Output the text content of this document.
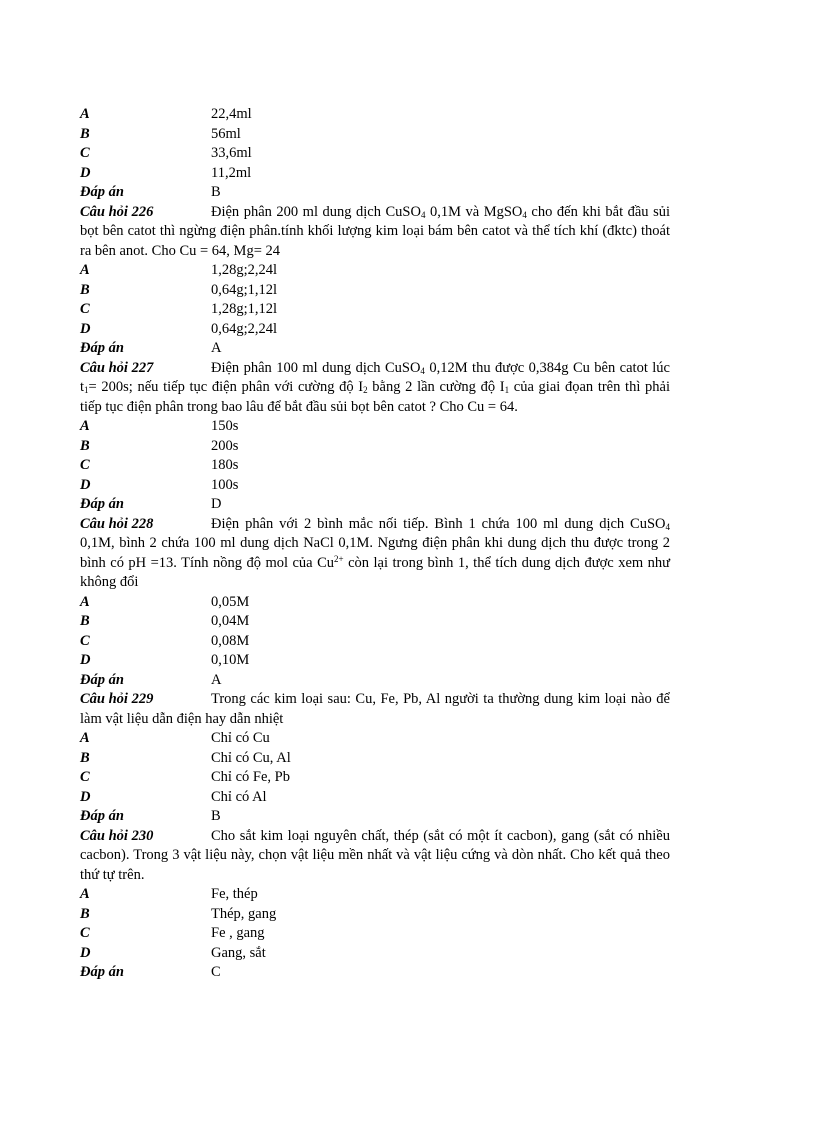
A	22,4ml
B	56ml
C	33,6ml
D	11,2ml
Đáp án	B

Câu hỏi 226	Điện phân 200 ml dung dịch CuSO$_4$ 0,1M và MgSO$_4$ cho đến khi bắt đầu sủi bọt bên catot thì ngừng điện phân.tính khối lượng kim loại bám bên catot và thể tích khí (đktc) thoát ra bên anot. Cho Cu = 64, Mg= 24

A	1,28g;2,24l
B	0,64g;1,12l
C	1,28g;1,12l
D	0,64g;2,24l
Đáp án	A

Câu hỏi 227	Điện phân 100 ml dung dịch CuSO$_4$ 0,12M thu được 0,384g Cu bên catot lúc $t_1= 200s$; nếu tiếp tục điện phân với cường độ $I_2$ bằng 2 lần cường độ $I_1$ của giai đọan trên thì phải tiếp tục điện phân trong bao lâu để bắt đầu sủi bọt bên catot ? Cho Cu = 64.

A	150s
B	200s
C	180s
D	100s
Đáp án	D

Câu hỏi 228	Điện phân với 2 bình mắc nối tiếp. Bình 1 chứa 100 ml dung dịch CuSO$_4$ 0,1M, bình 2 chứa 100 ml dung dịch NaCl 0,1M. Ngưng điện phân khi dung dịch thu được trong 2 bình có pH =13. Tính nồng độ mol của $Cu^{2+}$ còn lại trong bình 1, thể tích dung dịch được xem như không đổi

A	0,05M
B	0,04M
C	0,08M
D	0,10M
Đáp án	A

Câu hỏi 229	Trong các kim loại sau: Cu, Fe, Pb, Al người ta thường dung kim loại nào để làm vật liệu dẫn điện hay dẫn nhiệt

A	Chỉ có Cu
B	Chỉ có Cu, Al
C	Chỉ có Fe, Pb
D	Chỉ có Al
Đáp án	B

Câu hỏi 230	Cho sắt kim loại nguyên chất, thép (sắt có một ít cacbon), gang (sắt có nhiều cacbon). Trong 3 vật liệu này, chọn vật liệu mền nhất và vật liệu cứng và dòn nhất. Cho kết quả theo thứ tự trên.

A	Fe, thép
B	Thép, gang
C	Fe , gang
D	Gang, sắt
Đáp án	C
